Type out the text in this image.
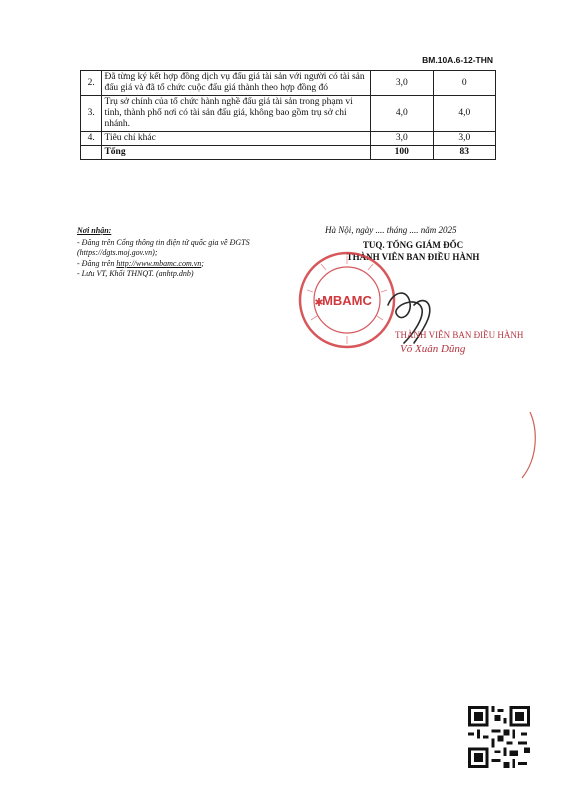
BM.10A.6-12-THN
2.	Đã từng ký kết hợp đồng dịch vụ đấu giá tài sản với người có tài sản đấu giá và đã tổ chức cuộc đấu giá thành theo hợp đồng đó	3,0	0
3.	Trụ sở chính của tổ chức hành nghề đấu giá tài sản trong phạm vi tỉnh, thành phố nơi có tài sản đấu giá, không bao gồm trụ sở chi nhánh.	4,0	4,0
4.	Tiêu chí khác	3,0	3,0
	Tổng	100	83
Nơi nhận:
- Đăng trên Cổng thông tin điện tử quốc gia về ĐGTS (https://dgts.moj.gov.vn);
- Đăng trên http://www.mbamc.com.vn;
- Lưu VT, Khối THNQT. (anhtp.dnb)
Hà Nội, ngày .... tháng .... năm 2025
TUQ. TỔNG GIÁM ĐỐC
THÀNH VIÊN BAN ĐIỀU HÀNH
MBAMC
✱
THÀNH VIÊN BAN ĐIỀU HÀNH
Võ Xuân Dũng
